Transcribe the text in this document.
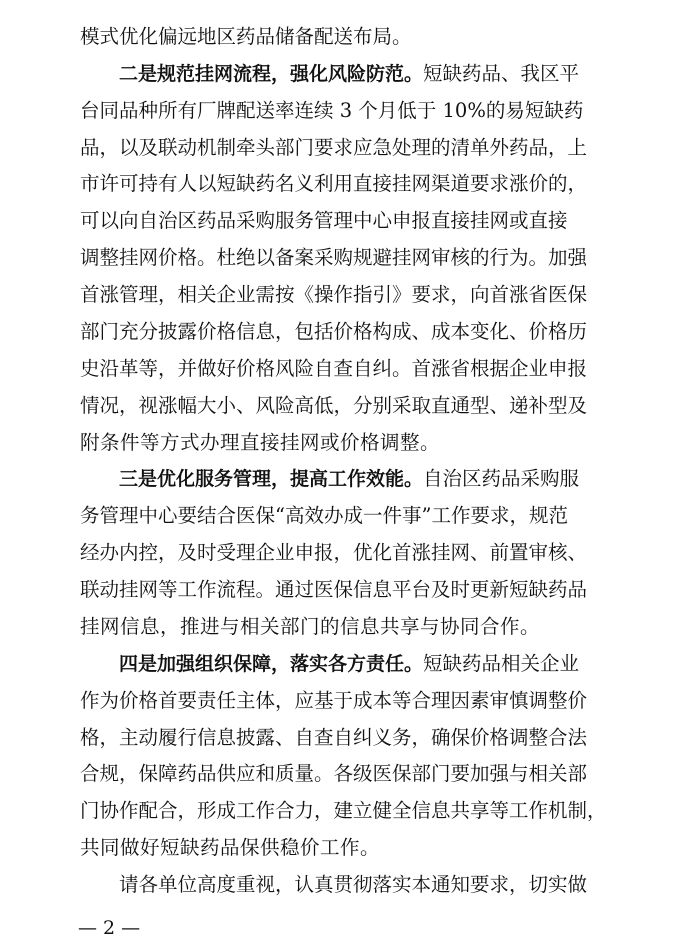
模式优化偏远地区药品储备配送布局。
二是规范挂网流程，强化风险防范。短缺药品、我区平
台同品种所有厂牌配送率连续 3 个月低于 10%的易短缺药
品，以及联动机制牵头部门要求应急处理的清单外药品，上
市许可持有人以短缺药名义利用直接挂网渠道要求涨价的，
可以向自治区药品采购服务管理中心申报直接挂网或直接
调整挂网价格。杜绝以备案采购规避挂网审核的行为。加强
首涨管理，相关企业需按《操作指引》要求，向首涨省医保
部门充分披露价格信息，包括价格构成、成本变化、价格历
史沿革等，并做好价格风险自查自纠。首涨省根据企业申报
情况，视涨幅大小、风险高低，分别采取直通型、递补型及
附条件等方式办理直接挂网或价格调整。
三是优化服务管理，提高工作效能。自治区药品采购服
务管理中心要结合医保“高效办成一件事”工作要求，规范
经办内控，及时受理企业申报，优化首涨挂网、前置审核、
联动挂网等工作流程。通过医保信息平台及时更新短缺药品
挂网信息，推进与相关部门的信息共享与协同合作。
四是加强组织保障，落实各方责任。短缺药品相关企业
作为价格首要责任主体，应基于成本等合理因素审慎调整价
格，主动履行信息披露、自查自纠义务，确保价格调整合法
合规，保障药品供应和质量。各级医保部门要加强与相关部
门协作配合，形成工作合力，建立健全信息共享等工作机制，
共同做好短缺药品保供稳价工作。
请各单位高度重视，认真贯彻落实本通知要求，切实做
— 2 —
